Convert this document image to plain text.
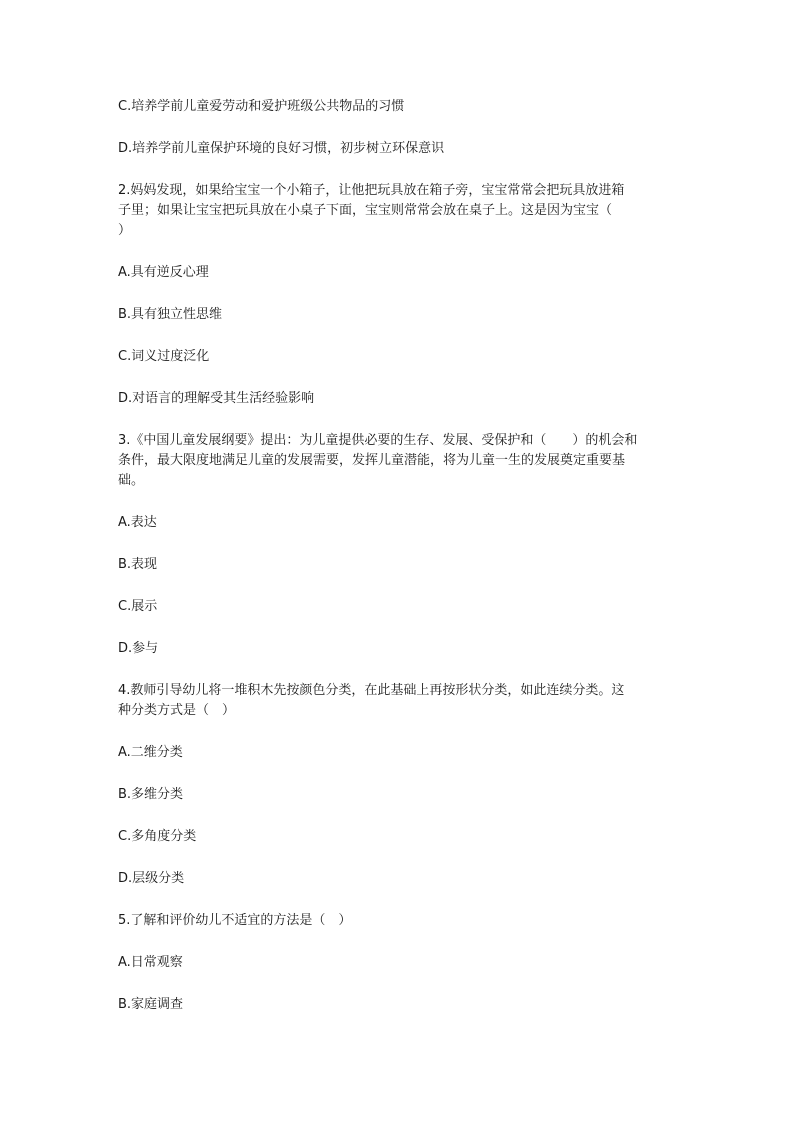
C.培养学前儿童爱劳动和爱护班级公共物品的习惯

D.培养学前儿童保护环境的良好习惯，初步树立环保意识

2.妈妈发现，如果给宝宝一个小箱子，让他把玩具放在箱子旁，宝宝常常会把玩具放进箱

子里；如果让宝宝把玩具放在小桌子下面，宝宝则常常会放在桌子上。这是因为宝宝（

）

A.具有逆反心理

B.具有独立性思维

C.词义过度泛化

D.对语言的理解受其生活经验影响

3.《中国儿童发展纲要》提出：为儿童提供必要的生存、发展、受保护和（　　）的机会和

条件，最大限度地满足儿童的发展需要，发挥儿童潜能，将为儿童一生的发展奠定重要基

础。

A.表达

B.表现

C.展示

D.参与

4.教师引导幼儿将一堆积木先按颜色分类，在此基础上再按形状分类，如此连续分类。这

种分类方式是（　）

A.二维分类

B.多维分类

C.多角度分类

D.层级分类

5.了解和评价幼儿不适宜的方法是（　）

A.日常观察

B.家庭调查
